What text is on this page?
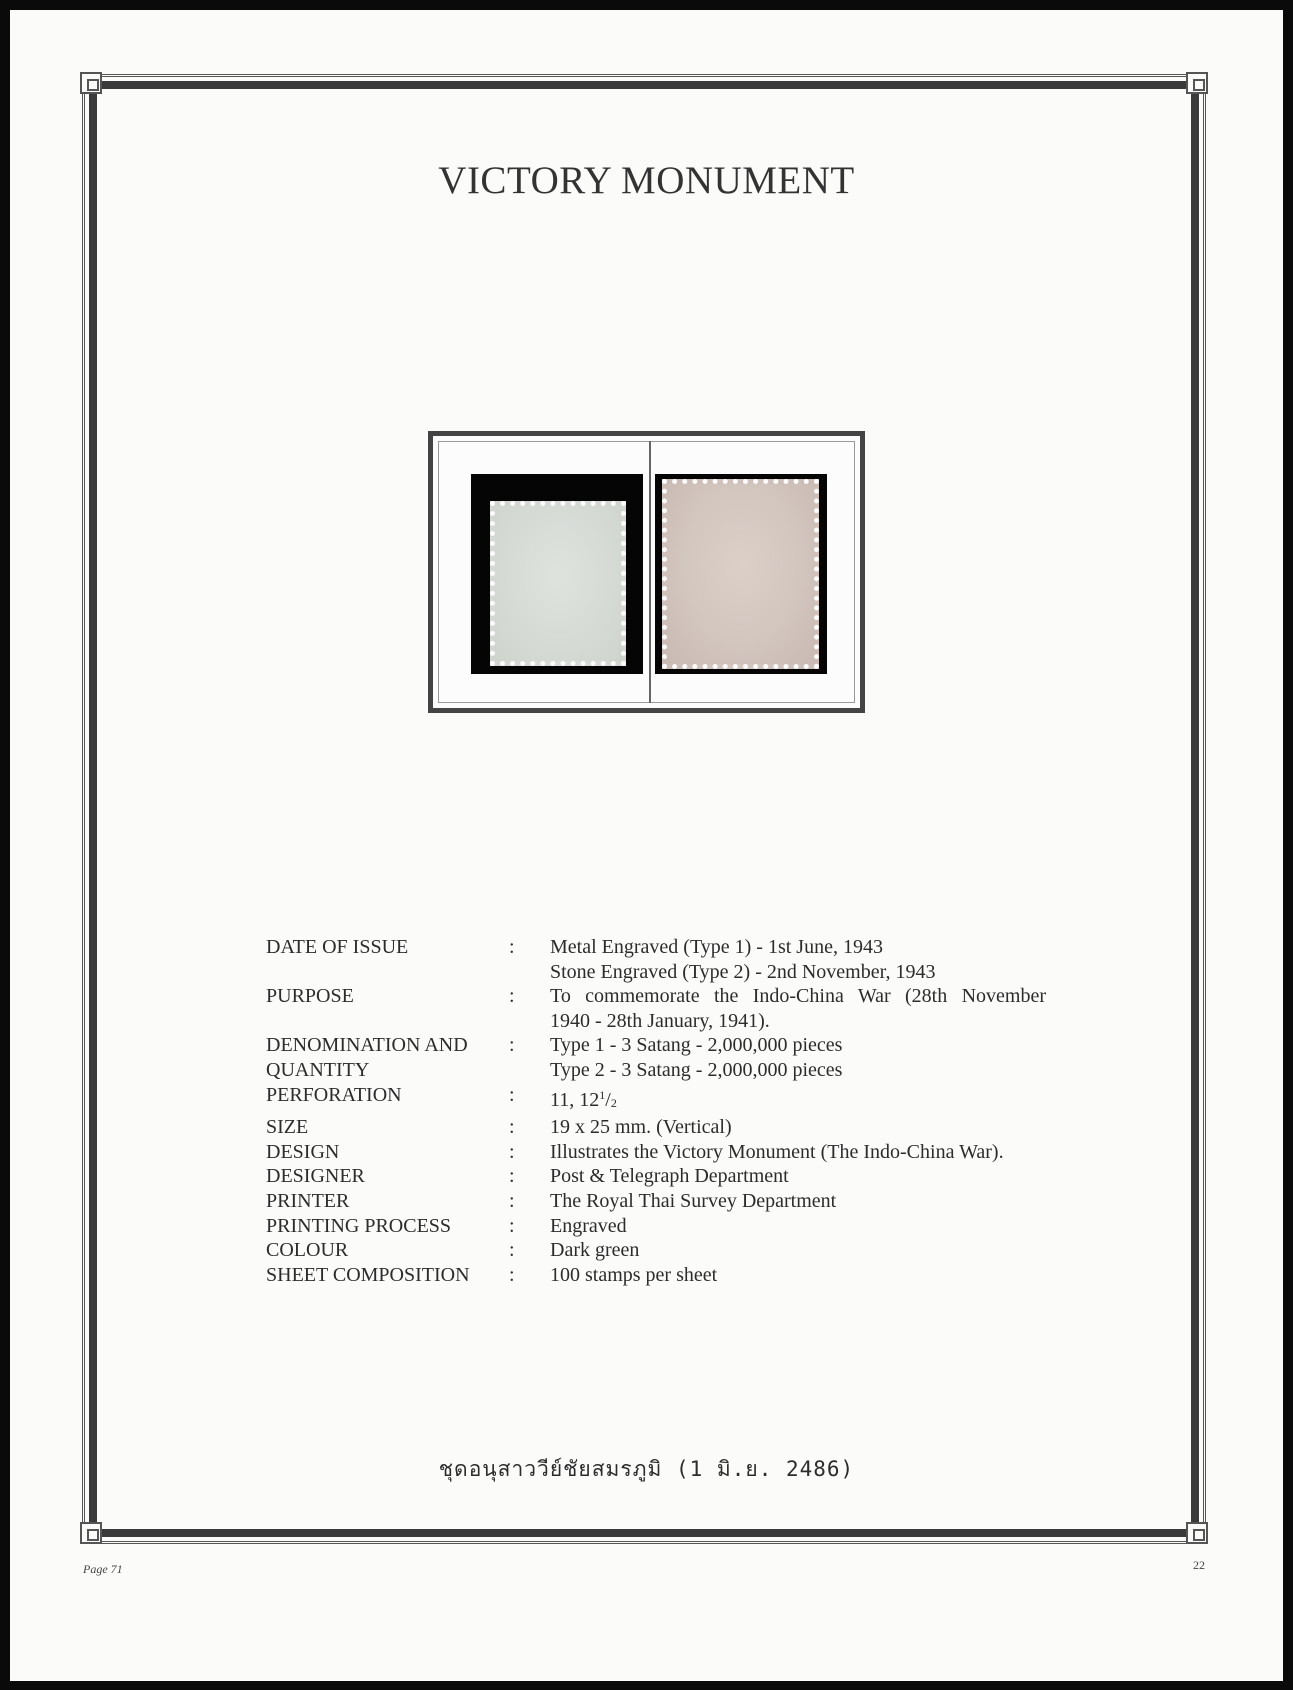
VICTORY MONUMENT
DATE OF ISSUE	:	Metal Engraved (Type 1) - 1st June, 1943
Stone Engraved (Type 2) - 2nd November, 1943
PURPOSE	:	To commemorate the Indo-China War (28th November
1940 - 28th January, 1941).
DENOMINATION AND	:	Type 1 - 3 Satang - 2,000,000 pieces
QUANTITY	Type 2 - 3 Satang - 2,000,000 pieces
PERFORATION	:	11, $12^1/_2$
SIZE	:	19 x 25 mm. (Vertical)
DESIGN	:	Illustrates the Victory Monument (The Indo-China War).
DESIGNER	:	Post & Telegraph Department
PRINTER	:	The Royal Thai Survey Department
PRINTING PROCESS	:	Engraved
COLOUR	:	Dark green
SHEET COMPOSITION	:	100 stamps per sheet
ชุดอนุสาววีย์ชัยสมรภูมิ (1 มิ.ย. 2486)
Page 71	22
